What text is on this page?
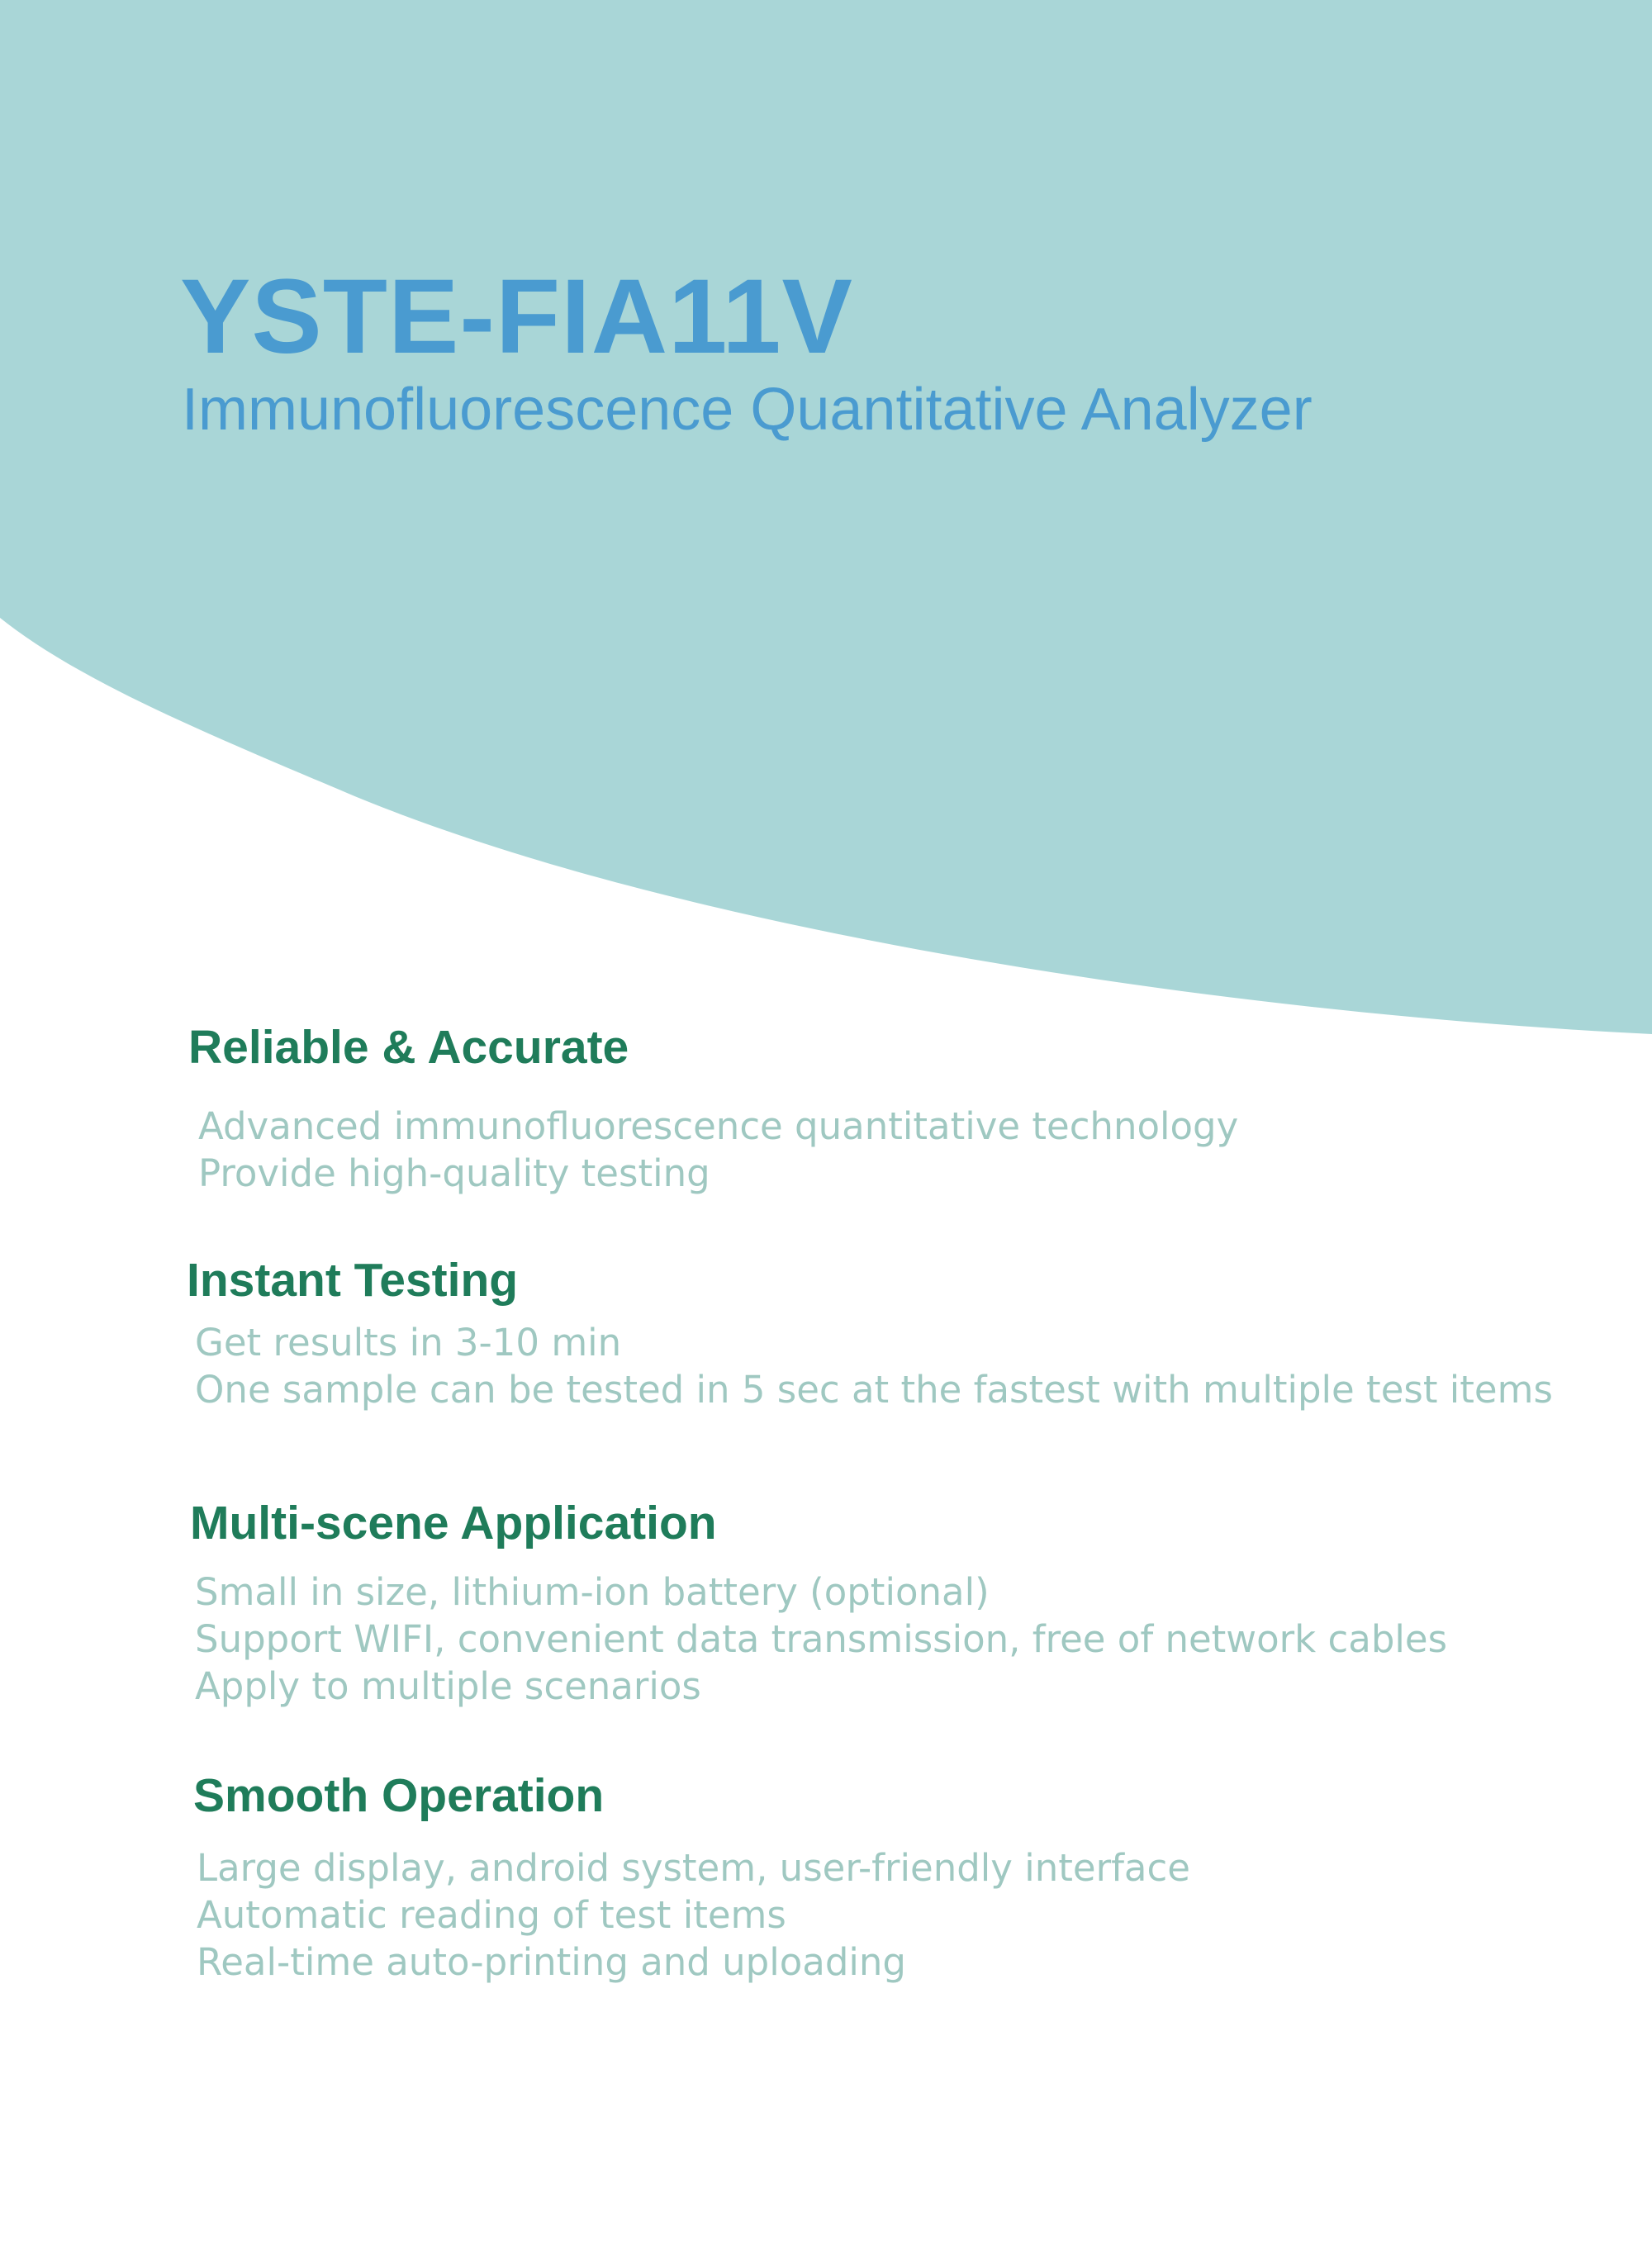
YSTE-FIA11V
Immunofluorescence Quantitative Analyzer
Reliable & Accurate
Advanced immunofluorescence quantitative technology
Provide high-quality testing
Instant Testing
Get results in 3-10 min
One sample can be tested in 5 sec at the fastest with multiple test items
Multi-scene Application
Small in size, lithium-ion battery (optional)
Support WIFI, convenient data transmission, free of network cables
Apply to multiple scenarios
Smooth Operation
Large display, android system, user-friendly interface
Automatic reading of test items
Real-time auto-printing and uploading
